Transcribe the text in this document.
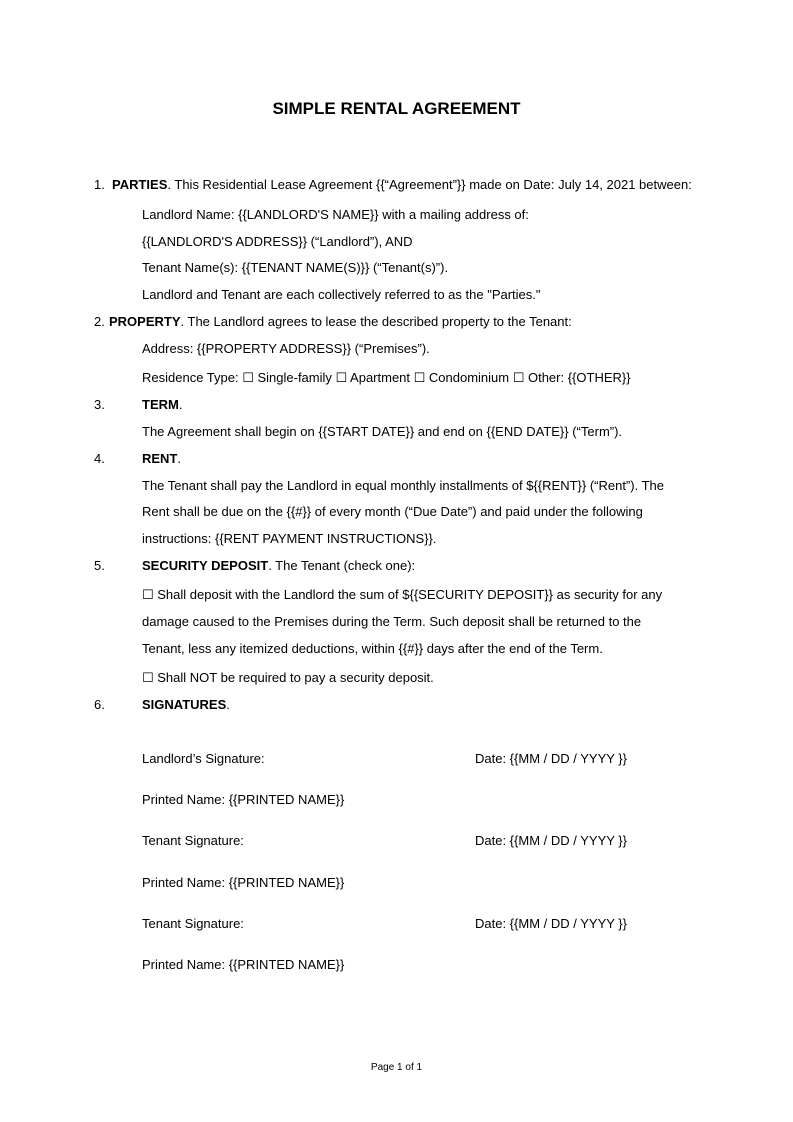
SIMPLE RENTAL AGREEMENT
1. PARTIES. This Residential Lease Agreement {{“Agreement”}} made on Date: July 14, 2021 between:
Landlord Name: {{LANDLORD'S NAME}} with a mailing address of:
{{LANDLORD'S ADDRESS}} (“Landlord”), AND
Tenant Name(s): {{TENANT NAME(S)}} (“Tenant(s)”).
Landlord and Tenant are each collectively referred to as the "Parties."
2. PROPERTY. The Landlord agrees to lease the described property to the Tenant:
Address: {{PROPERTY ADDRESS}} (“Premises”).
Residence Type: ☐ Single-family ☐ Apartment ☐ Condominium ☐ Other: {{OTHER}}
3.	TERM.
The Agreement shall begin on {{START DATE}} and end on {{END DATE}} (“Term”).
4.	RENT.
The Tenant shall pay the Landlord in equal monthly installments of ${{RENT}} (“Rent”). The
Rent shall be due on the {{#}} of every month (“Due Date”) and paid under the following
instructions: {{RENT PAYMENT INSTRUCTIONS}}.
5.	SECURITY DEPOSIT. The Tenant (check one):
☐ Shall deposit with the Landlord the sum of ${{SECURITY DEPOSIT}} as security for any
damage caused to the Premises during the Term. Such deposit shall be returned to the
Tenant, less any itemized deductions, within {{#}} days after the end of the Term.
☐ Shall NOT be required to pay a security deposit.
6.	SIGNATURES.
Landlord’s Signature:	Date: {{MM / DD / YYYY }}
Printed Name: {{PRINTED NAME}}
Tenant Signature:	Date: {{MM / DD / YYYY }}
Printed Name: {{PRINTED NAME}}
Tenant Signature:	Date: {{MM / DD / YYYY }}
Printed Name: {{PRINTED NAME}}
Page 1 of 1
